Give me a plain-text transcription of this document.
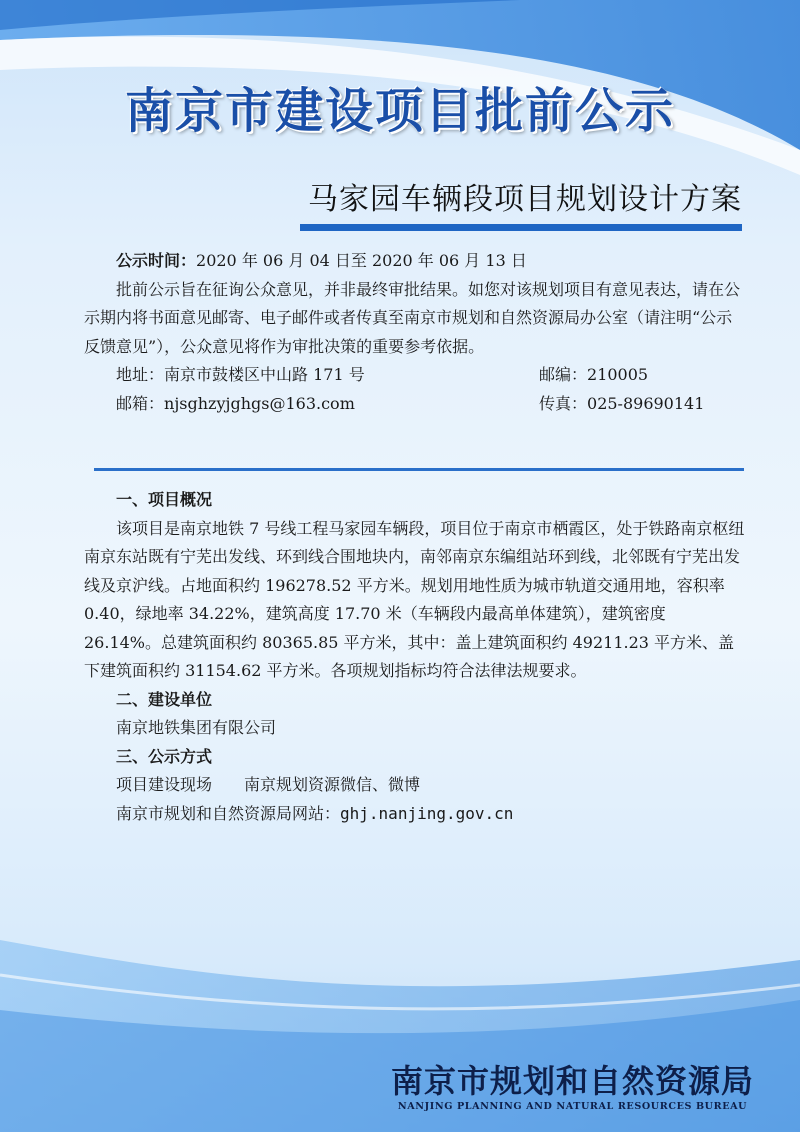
南京市建设项目批前公示
马家园车辆段项目规划设计方案

公示时间：2020 年 06 月 04 日至 2020 年 06 月 13 日

批前公示旨在征询公众意见，并非最终审批结果。如您对该规划项目有意见表达，请在公示期内将书面意见邮寄、电子邮件或者传真至南京市规划和自然资源局办公室（请注明“公示反馈意见”），公众意见将作为审批决策的重要参考依据。

地址：南京市鼓楼区中山路 171 号	邮编：210005
邮箱：njsghzyjghgs@163.com	传真：025-89690141

一、项目概况

该项目是南京地铁 7 号线工程马家园车辆段，项目位于南京市栖霞区，处于铁路南京枢纽南京东站既有宁芜出发线、环到线合围地块内，南邻南京东编组站环到线，北邻既有宁芜出发线及京沪线。占地面积约 196278.52 平方米。规划用地性质为城市轨道交通用地，容积率 0.40，绿地率 34.22%，建筑高度 17.70 米（车辆段内最高单体建筑），建筑密度 26.14%。总建筑面积约 80365.85 平方米，其中：盖上建筑面积约 49211.23 平方米、盖下建筑面积约 31154.62 平方米。各项规划指标均符合法律法规要求。

二、建设单位

南京地铁集团有限公司

三、公示方式

项目建设现场 南京规划资源微信、微博

南京市规划和自然资源局网站：ghj.nanjing.gov.cn

南京市规划和自然资源局
NANJING PLANNING AND NATURAL RESOURCES BUREAU
